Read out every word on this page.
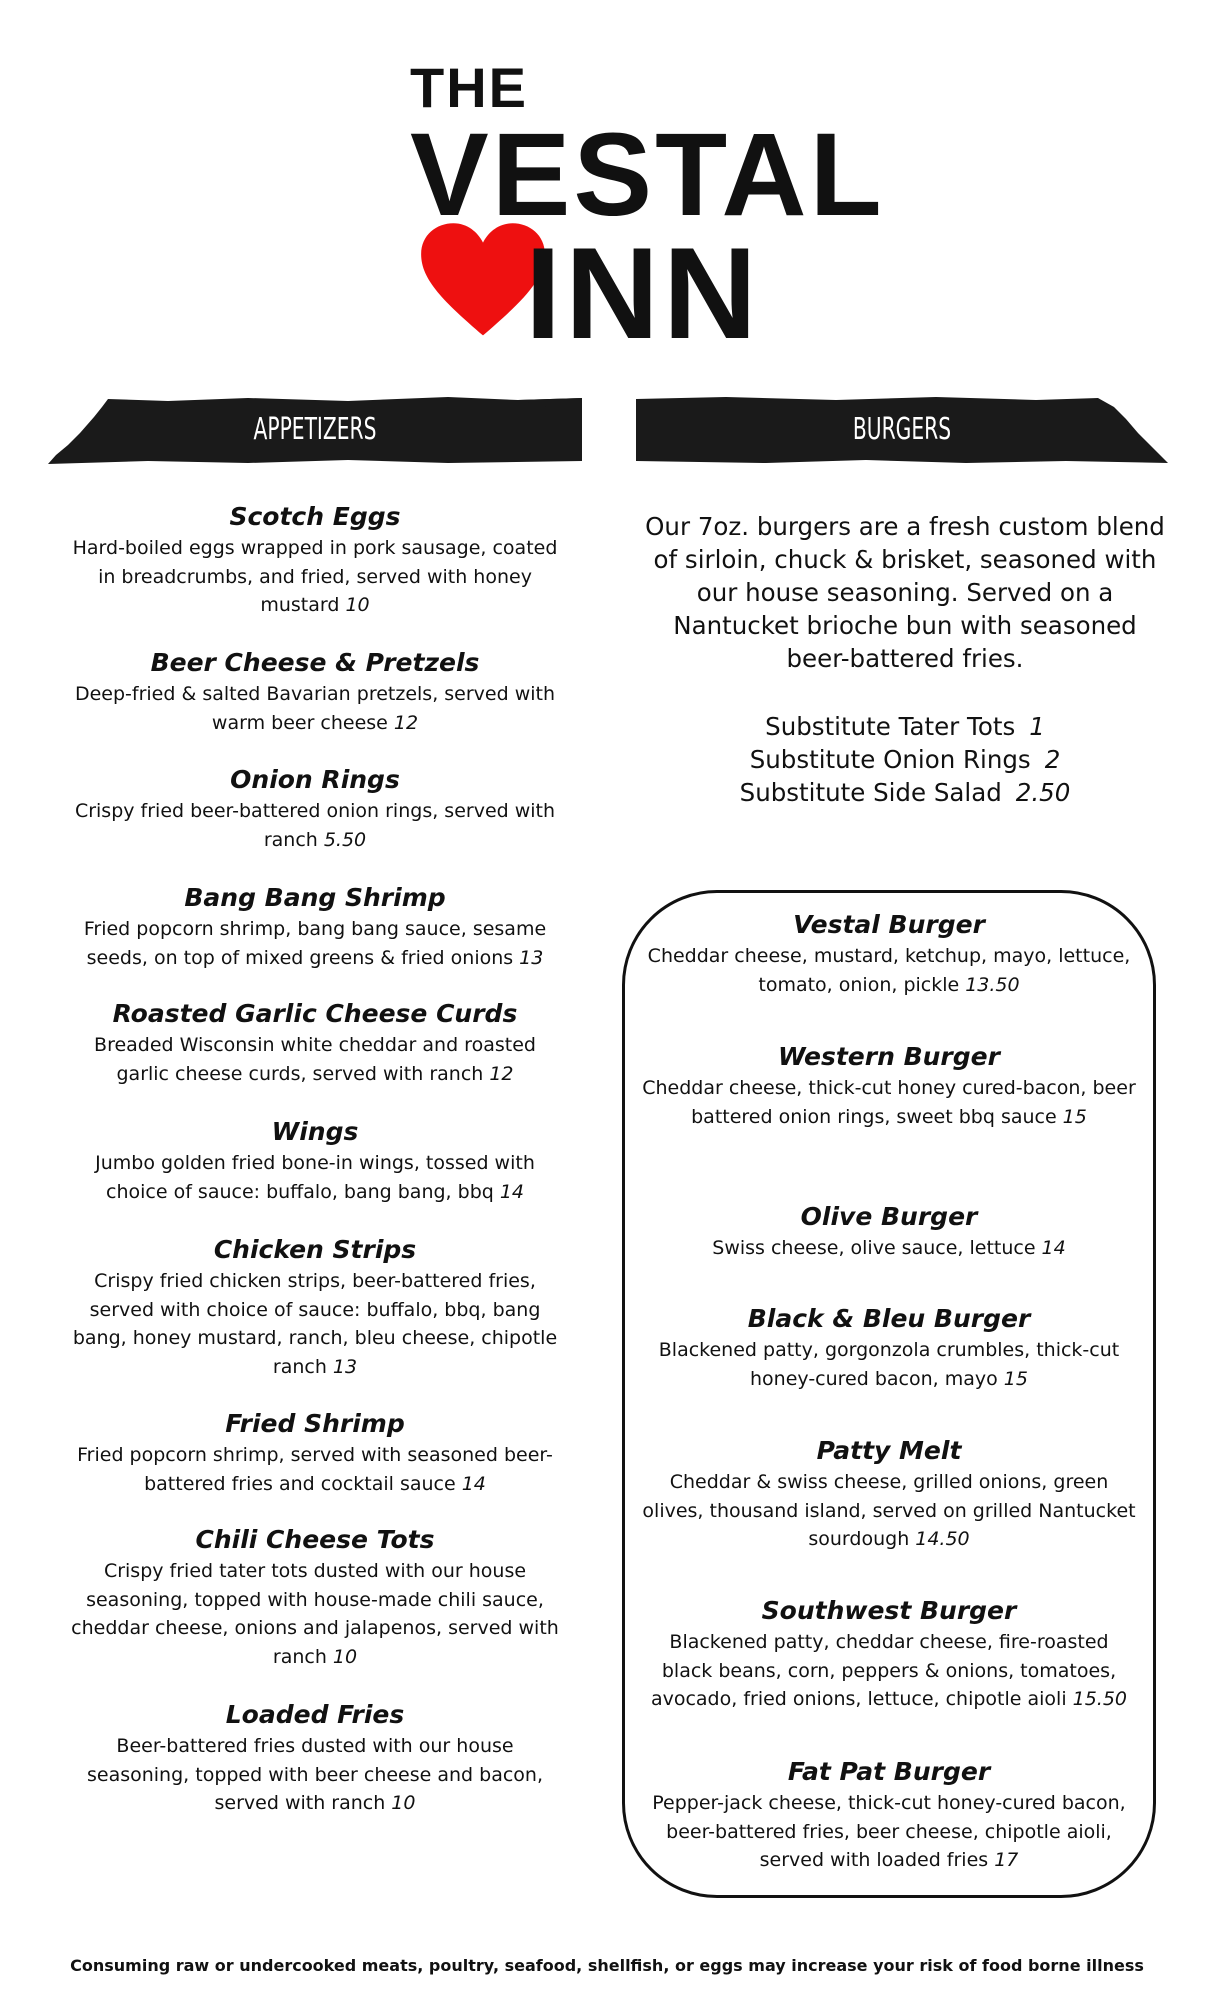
THE
VESTAL
INN
APPETIZERS	BURGERS
Scotch Eggs
Hard-boiled eggs wrapped in pork sausage, coated in breadcrumbs, and fried, served with honey mustard 10
Beer Cheese & Pretzels
Deep-fried & salted Bavarian pretzels, served with warm beer cheese 12
Onion Rings
Crispy fried beer-battered onion rings, served with ranch 5.50
Bang Bang Shrimp
Fried popcorn shrimp, bang bang sauce, sesame seeds, on top of mixed greens & fried onions 13
Roasted Garlic Cheese Curds
Breaded Wisconsin white cheddar and roasted garlic cheese curds, served with ranch 12
Wings
Jumbo golden fried bone-in wings, tossed with choice of sauce: buffalo, bang bang, bbq 14
Chicken Strips
Crispy fried chicken strips, beer-battered fries, served with choice of sauce: buffalo, bbq, bang bang, honey mustard, ranch, bleu cheese, chipotle ranch 13
Fried Shrimp
Fried popcorn shrimp, served with seasoned beer-battered fries and cocktail sauce 14
Chili Cheese Tots
Crispy fried tater tots dusted with our house seasoning, topped with house-made chili sauce, cheddar cheese, onions and jalapenos, served with ranch 10
Loaded Fries
Beer-battered fries dusted with our house seasoning, topped with beer cheese and bacon, served with ranch 10
Our 7oz. burgers are a fresh custom blend of sirloin, chuck & brisket, seasoned with our house seasoning. Served on a Nantucket brioche bun with seasoned beer-battered fries.
Substitute Tater Tots 1
Substitute Onion Rings 2
Substitute Side Salad 2.50
Vestal Burger
Cheddar cheese, mustard, ketchup, mayo, lettuce, tomato, onion, pickle 13.50
Western Burger
Cheddar cheese, thick-cut honey cured-bacon, beer battered onion rings, sweet bbq sauce 15
Olive Burger
Swiss cheese, olive sauce, lettuce 14
Black & Bleu Burger
Blackened patty, gorgonzola crumbles, thick-cut honey-cured bacon, mayo 15
Patty Melt
Cheddar & swiss cheese, grilled onions, green olives, thousand island, served on grilled Nantucket sourdough 14.50
Southwest Burger
Blackened patty, cheddar cheese, fire-roasted black beans, corn, peppers & onions, tomatoes, avocado, fried onions, lettuce, chipotle aioli 15.50
Fat Pat Burger
Pepper-jack cheese, thick-cut honey-cured bacon, beer-battered fries, beer cheese, chipotle aioli, served with loaded fries 17
Consuming raw or undercooked meats, poultry, seafood, shellfish, or eggs may increase your risk of food borne illness
